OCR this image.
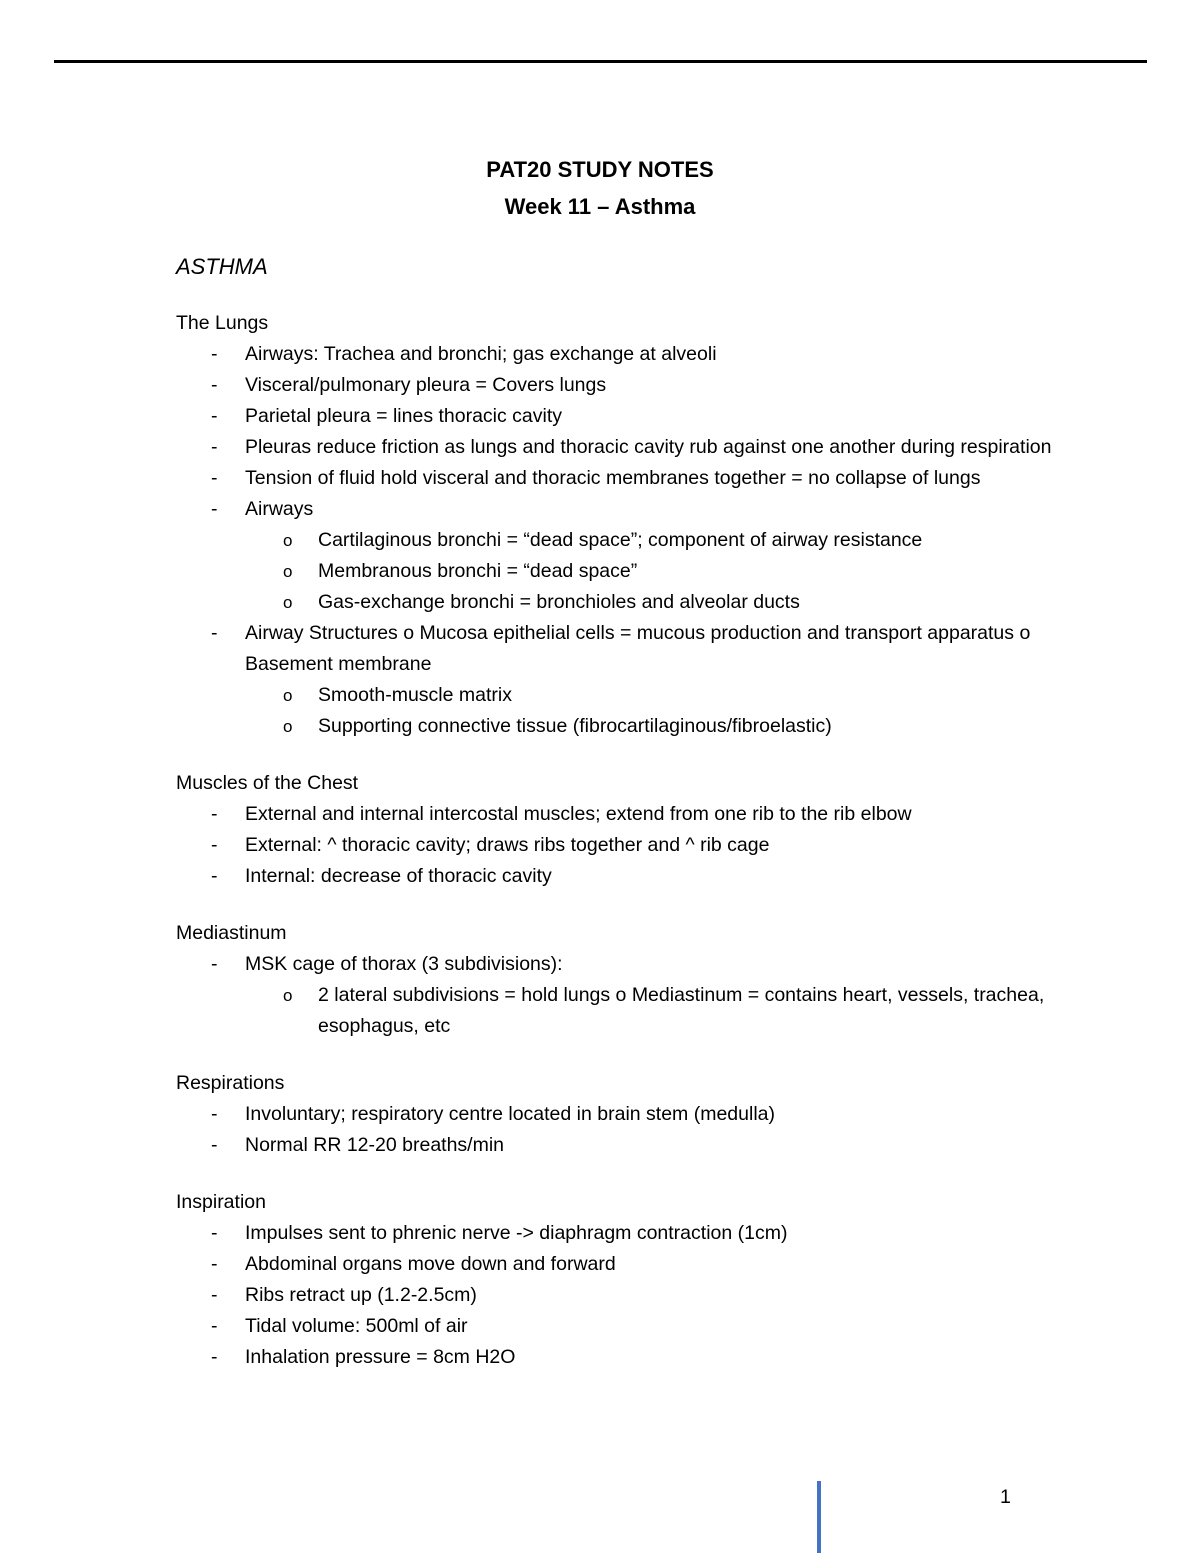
PAT20 STUDY NOTES
Week 11 – Asthma
ASTHMA
The Lungs
- Airways: Trachea and bronchi; gas exchange at alveoli
- Visceral/pulmonary pleura = Covers lungs
- Parietal pleura = lines thoracic cavity
- Pleuras reduce friction as lungs and thoracic cavity rub against one another during respiration
- Tension of fluid hold visceral and thoracic membranes together = no collapse of lungs
- Airways
o Cartilaginous bronchi = “dead space”; component of airway resistance
o Membranous bronchi = “dead space”
o Gas-exchange bronchi = bronchioles and alveolar ducts
- Airway Structures o Mucosa epithelial cells = mucous production and transport apparatus o Basement membrane
o Smooth-muscle matrix
o Supporting connective tissue (fibrocartilaginous/fibroelastic)
Muscles of the Chest
- External and internal intercostal muscles; extend from one rib to the rib elbow
- External: ^ thoracic cavity; draws ribs together and ^ rib cage
- Internal: decrease of thoracic cavity
Mediastinum
- MSK cage of thorax (3 subdivisions):
o 2 lateral subdivisions = hold lungs o Mediastinum = contains heart, vessels, trachea, esophagus, etc
Respirations
- Involuntary; respiratory centre located in brain stem (medulla)
- Normal RR 12-20 breaths/min
Inspiration
- Impulses sent to phrenic nerve -> diaphragm contraction (1cm)
- Abdominal organs move down and forward
- Ribs retract up (1.2-2.5cm)
- Tidal volume: 500ml of air
- Inhalation pressure = 8cm H2O
1
